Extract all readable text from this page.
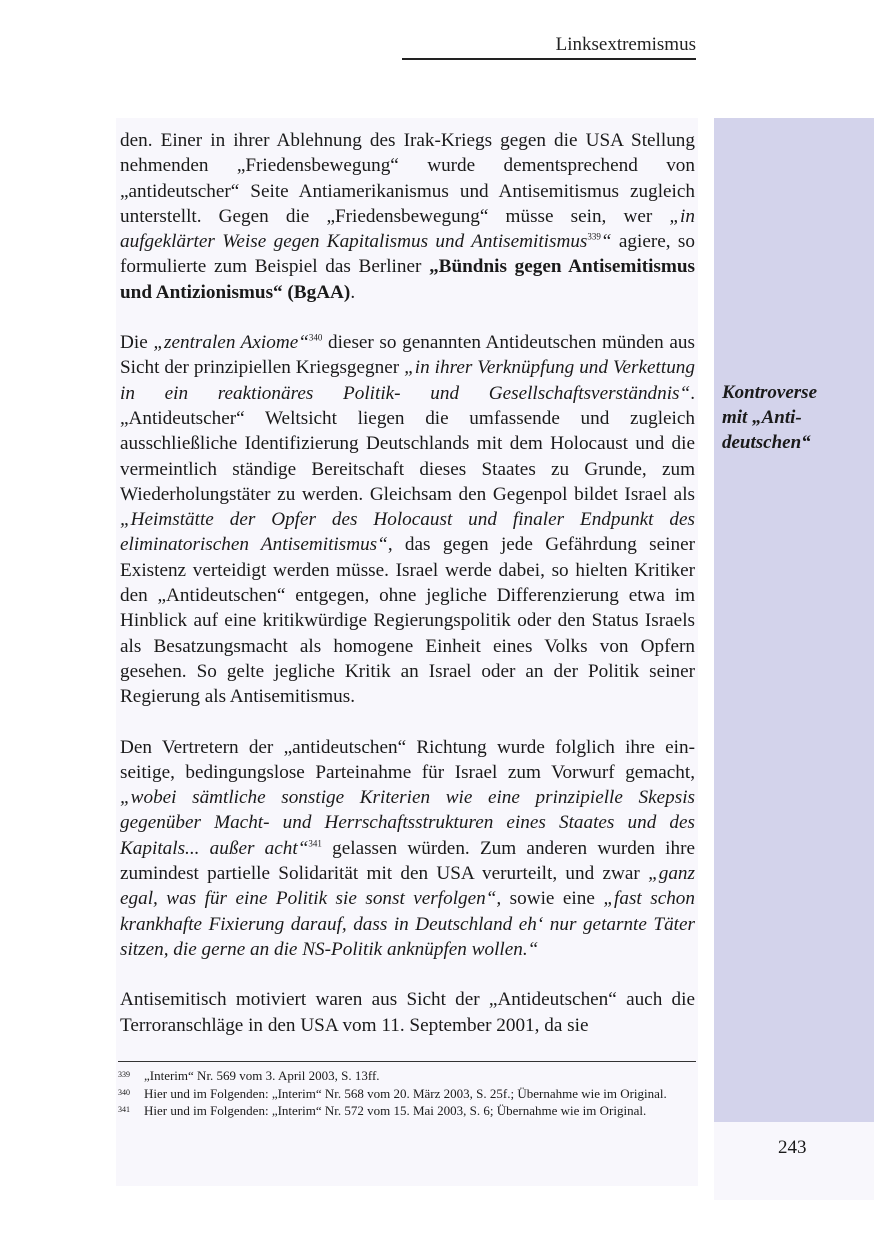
Linksextremismus

den. Einer in ihrer Ablehnung des Irak-Kriegs gegen die USA Stellung nehmenden „Friedensbewegung“ wurde dementsprechend von „antideutscher“ Seite Antiamerikanismus und Antisemitismus zugleich unterstellt. Gegen die „Friedensbewegung“ müsse sein, wer „in aufgeklärter Weise gegen Kapitalismus und Antisemitismus$^{339}$“ agiere, so formulierte zum Beispiel das Berliner „Bündnis gegen Antisemitismus und Antizionismus“ (BgAA).

Die „zentralen Axiome“$^{340}$ dieser so genannten Antideutschen münden aus Sicht der prinzipiellen Kriegsgegner „in ihrer Verknüpfung und Verkettung in ein reaktionäres Politik- und Gesellschaftsverständnis“. „Antideutscher“ Weltsicht liegen die umfassende und zugleich ausschließliche Identifizierung Deutschlands mit dem Holocaust und die vermeintlich ständige Bereitschaft dieses Staates zu Grunde, zum Wiederholungstäter zu werden. Gleichsam den Gegenpol bildet Israel als „Heimstätte der Opfer des Holocaust und finaler Endpunkt des eliminatorischen Antisemitismus“, das gegen jede Gefährdung seiner Existenz verteidigt werden müsse. Israel werde dabei, so hielten Kritiker den „Antideutschen“ entgegen, ohne jegliche Differenzierung etwa im Hinblick auf eine kritikwürdige Regierungspolitik oder den Status Israels als Besatzungsmacht als homogene Einheit eines Volks von Opfern gesehen. So gelte jegliche Kritik an Israel oder an der Politik seiner Regierung als Antisemitismus.

Den Vertretern der „antideutschen“ Richtung wurde folglich ihre einseitige, bedingungslose Parteinahme für Israel zum Vorwurf gemacht, „wobei sämtliche sonstige Kriterien wie eine prinzipielle Skepsis gegenüber Macht- und Herrschaftsstrukturen eines Staates und des Kapitals... außer acht“$^{341}$ gelassen würden. Zum anderen wurden ihre zumindest partielle Solidarität mit den USA verurteilt, und zwar „ganz egal, was für eine Politik sie sonst verfolgen“, sowie eine „fast schon krankhafte Fixierung darauf, dass in Deutschland eh‘ nur getarnte Täter sitzen, die gerne an die NS-Politik anknüpfen wollen.“

Antisemitisch motiviert waren aus Sicht der „Antideutschen“ auch die Terroranschläge in den USA vom 11. September 2001, da sie

Kontroverse
mit „Anti-
deutschen“
339 „Interim“ Nr. 569 vom 3. April 2003, S. 13ff.
340 Hier und im Folgenden: „Interim“ Nr. 568 vom 20. März 2003, S. 25f.; Übernahme wie im Original.
341 Hier und im Folgenden: „Interim“ Nr. 572 vom 15. Mai 2003, S. 6; Übernahme wie im Original.
243
